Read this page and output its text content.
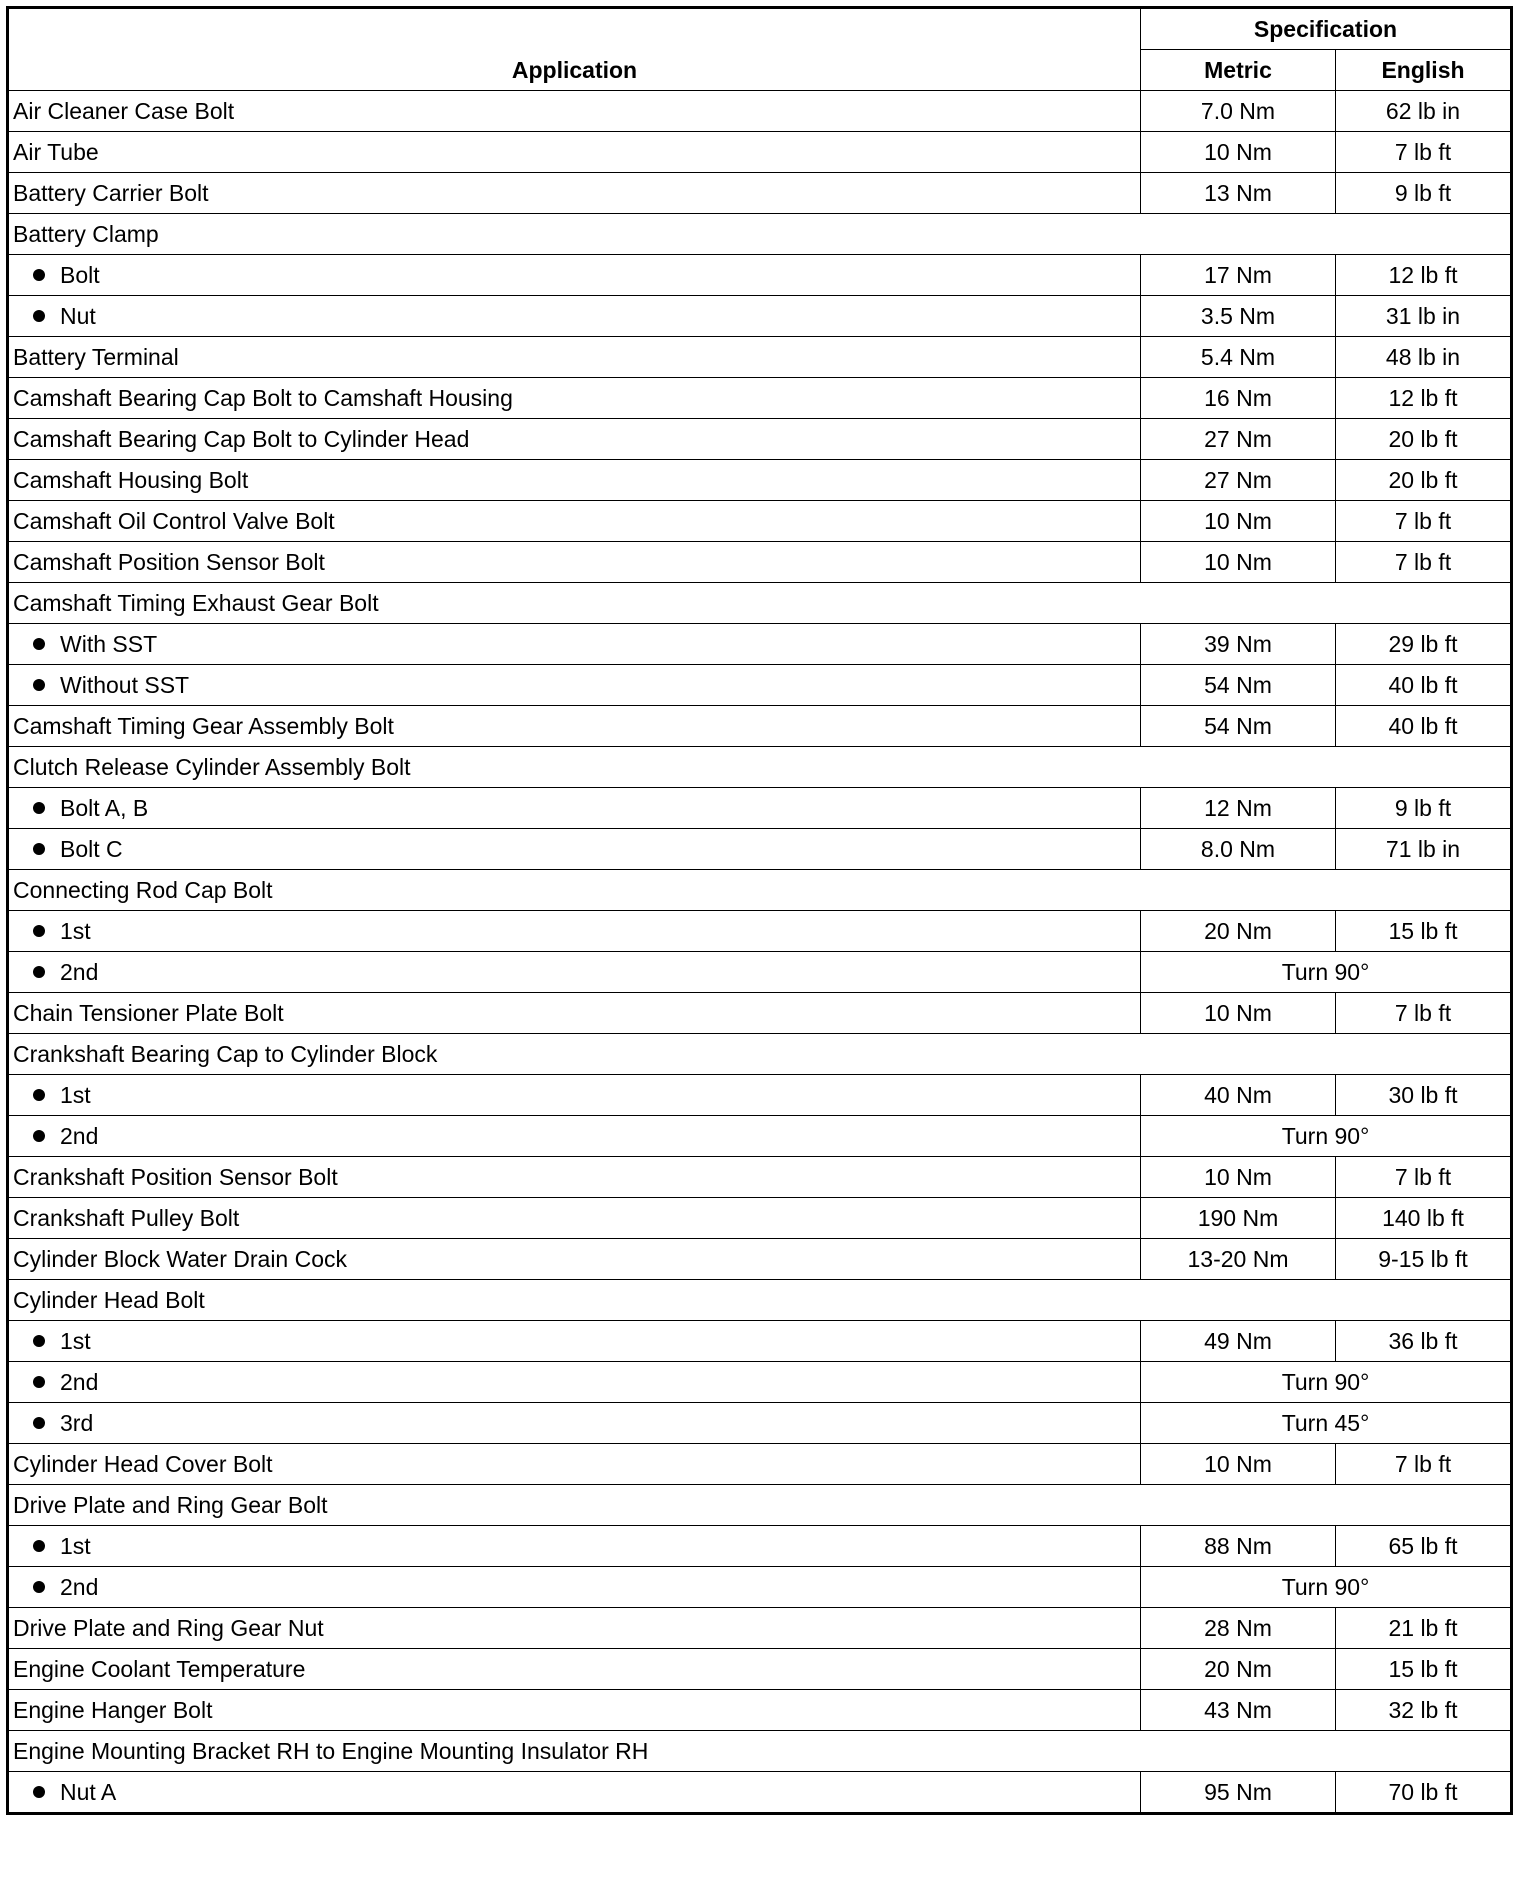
Application	Specification	
	Metric	English
Air Cleaner Case Bolt	7.0 Nm	62 lb in
Air Tube	10 Nm	7 lb ft
Battery Carrier Bolt	13 Nm	9 lb ft
Battery Clamp		
Bolt	17 Nm	12 lb ft
Nut	3.5 Nm	31 lb in
Battery Terminal	5.4 Nm	48 lb in
Camshaft Bearing Cap Bolt to Camshaft Housing	16 Nm	12 lb ft
Camshaft Bearing Cap Bolt to Cylinder Head	27 Nm	20 lb ft
Camshaft Housing Bolt	27 Nm	20 lb ft
Camshaft Oil Control Valve Bolt	10 Nm	7 lb ft
Camshaft Position Sensor Bolt	10 Nm	7 lb ft
Camshaft Timing Exhaust Gear Bolt		
With SST	39 Nm	29 lb ft
Without SST	54 Nm	40 lb ft
Camshaft Timing Gear Assembly Bolt	54 Nm	40 lb ft
Clutch Release Cylinder Assembly Bolt		
Bolt A, B	12 Nm	9 lb ft
Bolt C	8.0 Nm	71 lb in
Connecting Rod Cap Bolt		
1st	20 Nm	15 lb ft
2nd	Turn 90°	
Chain Tensioner Plate Bolt	10 Nm	7 lb ft
Crankshaft Bearing Cap to Cylinder Block		
1st	40 Nm	30 lb ft
2nd	Turn 90°	
Crankshaft Position Sensor Bolt	10 Nm	7 lb ft
Crankshaft Pulley Bolt	190 Nm	140 lb ft
Cylinder Block Water Drain Cock	13-20 Nm	9-15 lb ft
Cylinder Head Bolt		
1st	49 Nm	36 lb ft
2nd	Turn 90°	
3rd	Turn 45°	
Cylinder Head Cover Bolt	10 Nm	7 lb ft
Drive Plate and Ring Gear Bolt		
1st	88 Nm	65 lb ft
2nd	Turn 90°	
Drive Plate and Ring Gear Nut	28 Nm	21 lb ft
Engine Coolant Temperature	20 Nm	15 lb ft
Engine Hanger Bolt	43 Nm	32 lb ft
Engine Mounting Bracket RH to Engine Mounting Insulator RH		
Nut A	95 Nm	70 lb ft
